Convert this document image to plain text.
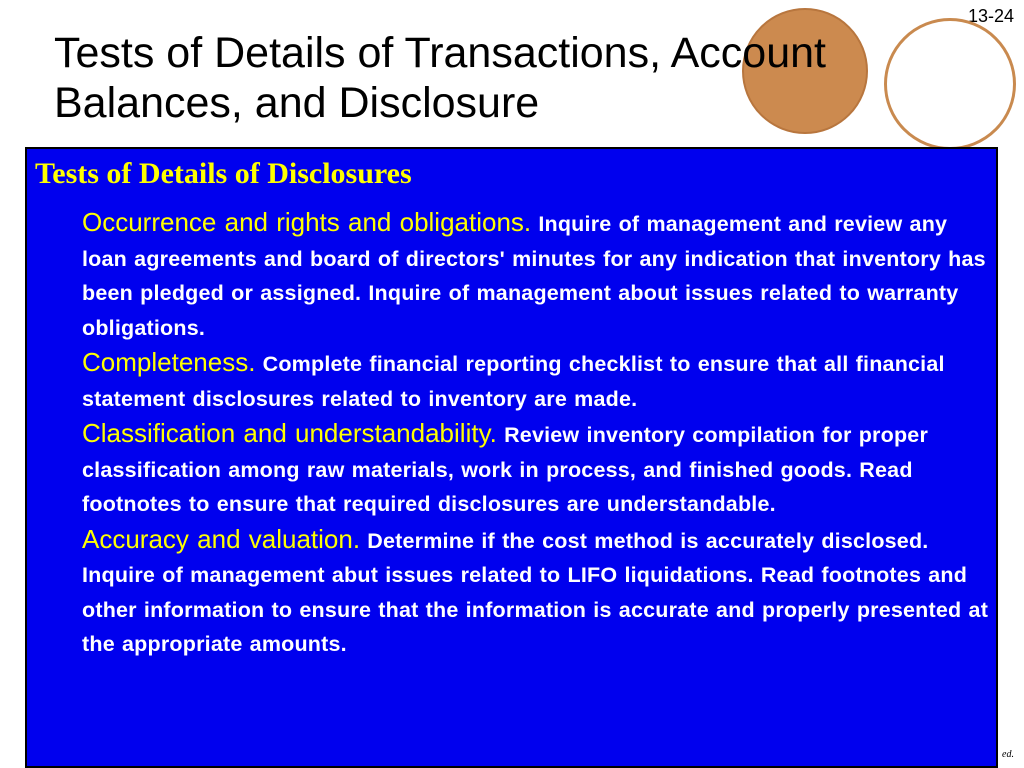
13-24
Tests of Details of Transactions, Account Balances, and Disclosure
Tests of Details of Disclosures
Occurrence and rights and obligations. Inquire of management and review any loan agreements and board of directors' minutes for any indication that inventory has been pledged or assigned. Inquire of management about issues related to warranty obligations.
Completeness. Complete financial reporting checklist to ensure that all financial statement disclosures related to inventory are made.
Classification and understandability. Review inventory compilation for proper classification among raw materials, work in process, and finished goods. Read footnotes to ensure that required disclosures are understandable.
Accuracy and valuation. Determine if the cost method is accurately disclosed. Inquire of management abut issues related to LIFO liquidations. Read footnotes and other information to ensure that the information is accurate and properly presented at the appropriate amounts.
ed.
